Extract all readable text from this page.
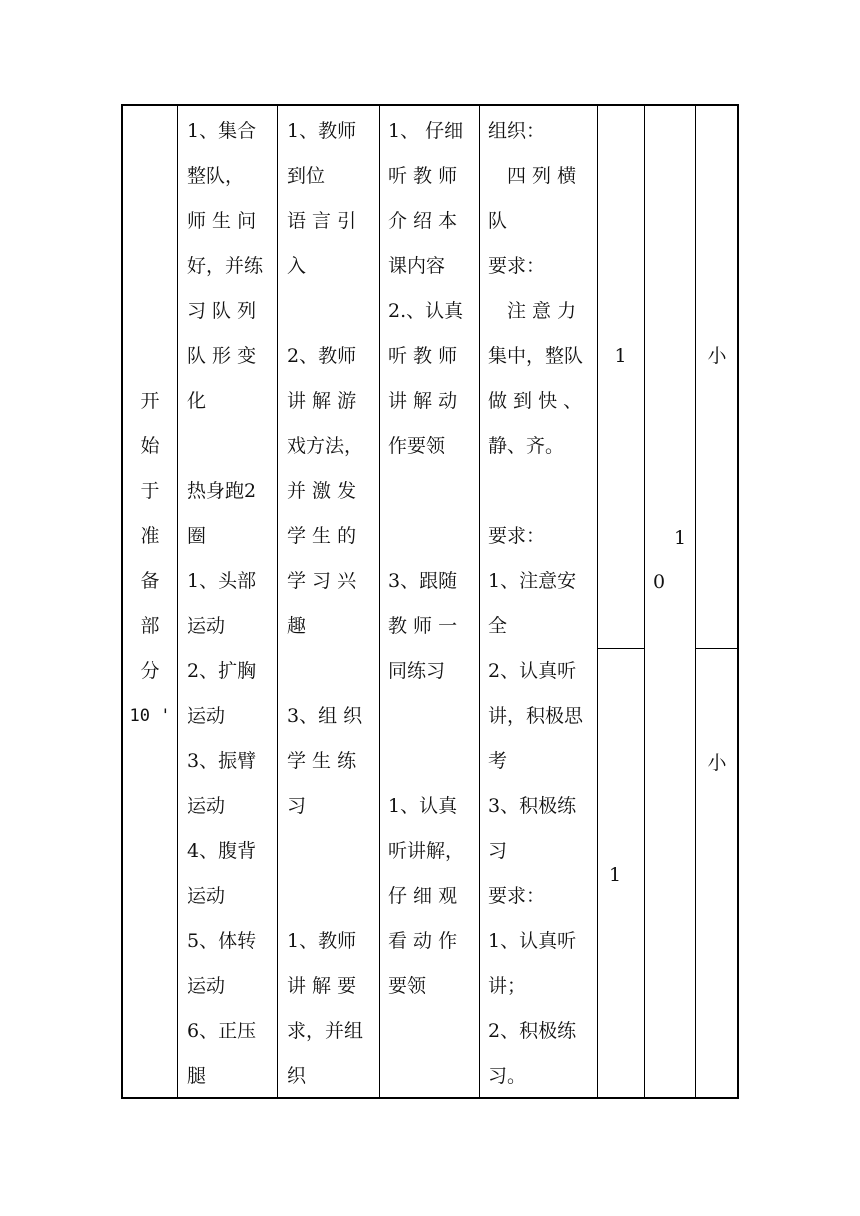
开
始
于
准
备
部
分
10 '
1、集合
整队，
师 生 问
好，并练
习 队 列
队 形 变
化
热身跑2
圈
1、头部
运动
2、扩胸
运动
3、振臂
运动
4、腹背
运动
5、体转
运动
6、正压
腿
1、教师
到位
语 言 引
入
2、教师
讲 解 游
戏方法，
并 激 发
学 生 的
学 习 兴
趣
3、组 织
学 生 练
习
1、教师
讲 解 要
求，并组
织
1、 仔细
听 教 师
介 绍 本
课内容
2.、认真
听 教 师
讲 解 动
作要领
3、跟随
教 师 一
同练习
1、认真
听讲解，
仔 细 观
看 动 作
要领
组织：
　四 列 横
队
要求：
　注 意 力
集中，整队
做 到 快 、
静、齐。
要求：
1、注意安
全
2、认真听
讲，积极思
考
3、积极练
习
要求：
1、认真听
讲；
2、积极练
习。
1
1
1
0
小
小
